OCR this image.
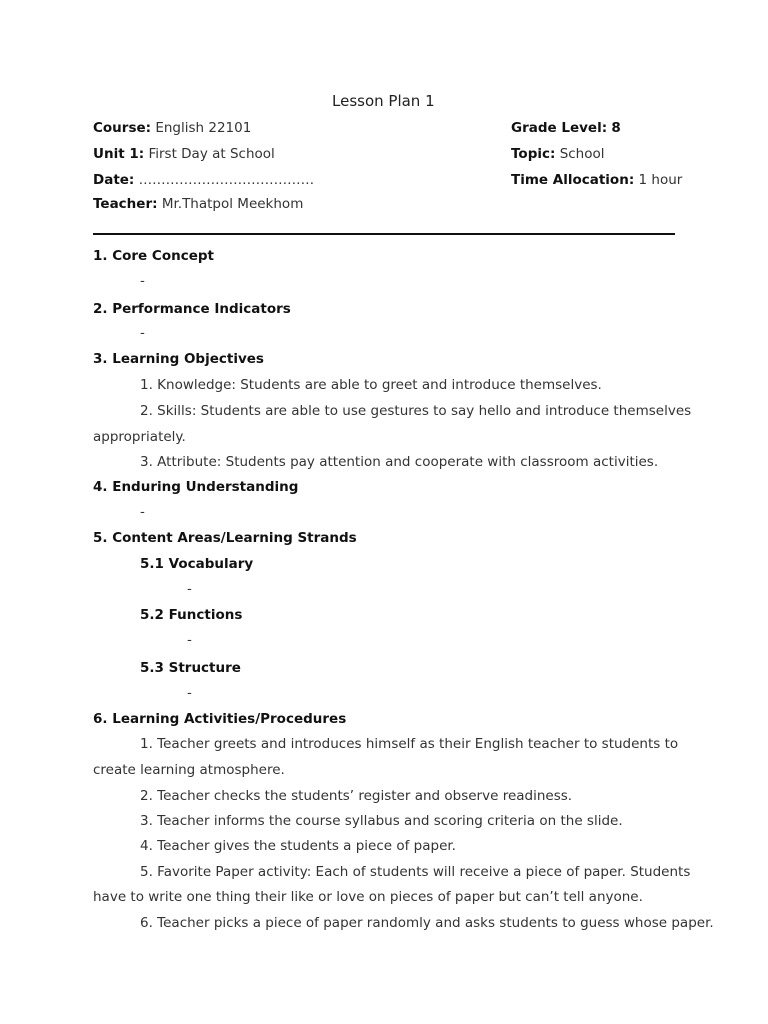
Lesson Plan 1
Course: English 22101	Grade Level: 8
Unit 1: First Day at School	Topic: School
Date: …………………………………	Time Allocation: 1 hour
Teacher: Mr.Thatpol Meekhom
1. Core Concept
-
2. Performance Indicators
-
3. Learning Objectives
1. Knowledge: Students are able to greet and introduce themselves.
2. Skills: Students are able to use gestures to say hello and introduce themselves
appropriately.
3. Attribute: Students pay attention and cooperate with classroom activities.
4. Enduring Understanding
-
5. Content Areas/Learning Strands
5.1 Vocabulary
-
5.2 Functions
-
5.3 Structure
-
6. Learning Activities/Procedures
1. Teacher greets and introduces himself as their English teacher to students to
create learning atmosphere.
2. Teacher checks the students’ register and observe readiness.
3. Teacher informs the course syllabus and scoring criteria on the slide.
4. Teacher gives the students a piece of paper.
5. Favorite Paper activity: Each of students will receive a piece of paper. Students
have to write one thing their like or love on pieces of paper but can’t tell anyone.
6. Teacher picks a piece of paper randomly and asks students to guess whose paper.
